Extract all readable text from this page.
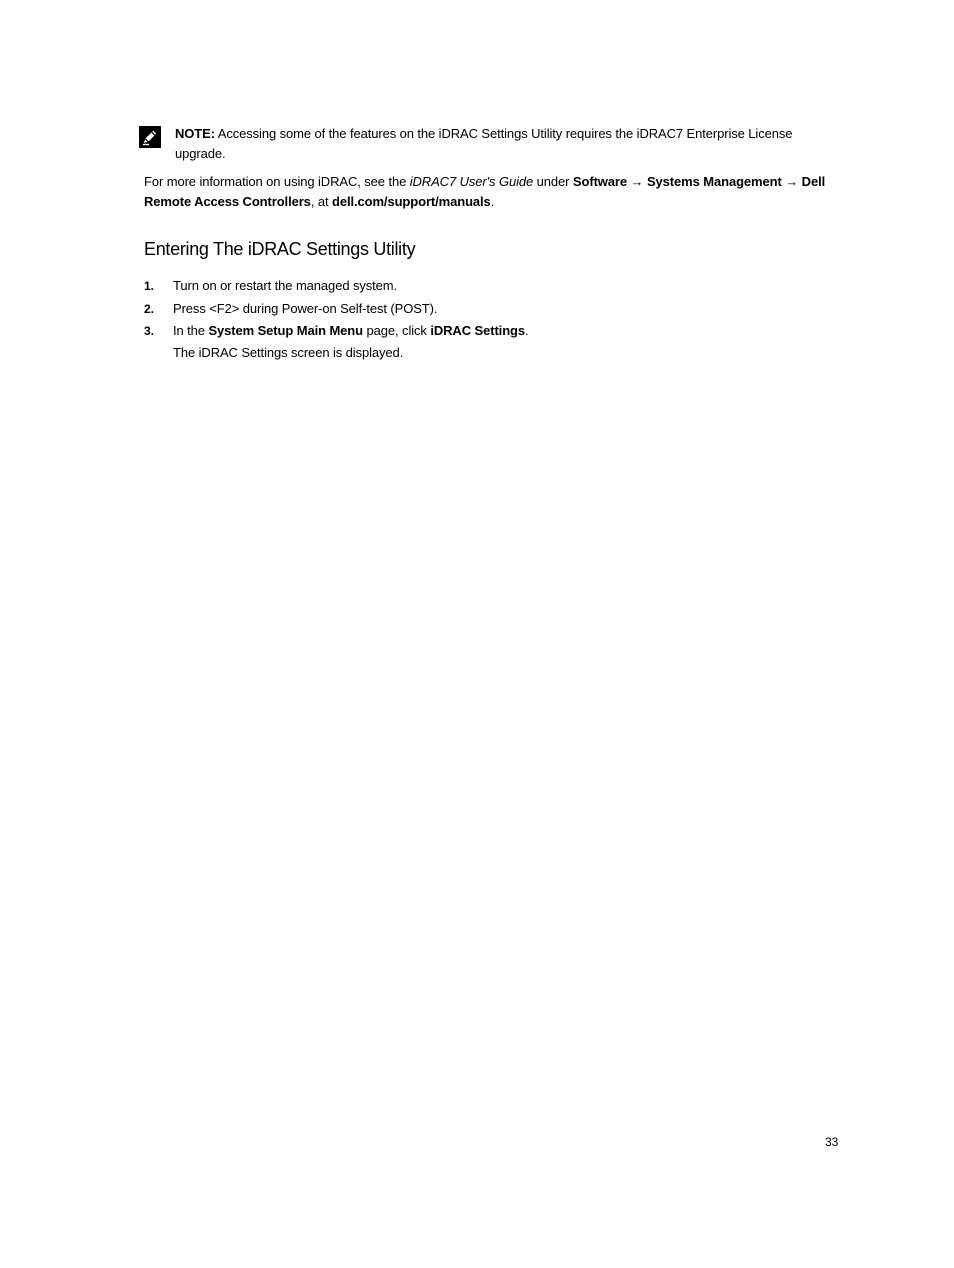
NOTE: Accessing some of the features on the iDRAC Settings Utility requires the iDRAC7 Enterprise License upgrade.

For more information on using iDRAC, see the iDRAC7 User's Guide under Software → Systems Management → Dell Remote Access Controllers, at dell.com/support/manuals.

Entering The iDRAC Settings Utility
1. Turn on or restart the managed system.
2. Press <F2> during Power-on Self-test (POST).
3. In the System Setup Main Menu page, click iDRAC Settings.
The iDRAC Settings screen is displayed.
33
